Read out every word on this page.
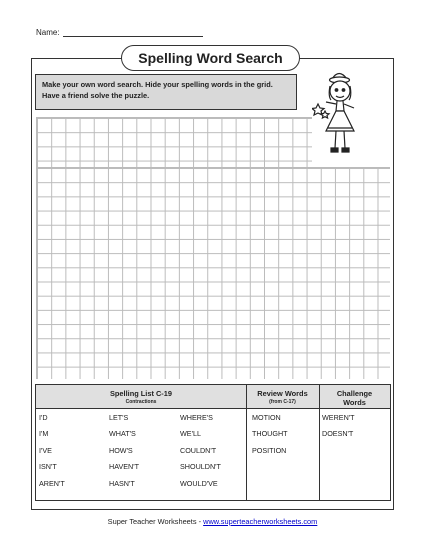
Name:
Spelling Word Search
Make your own word search. Hide your spelling words in the grid. Have a friend solve the puzzle.
Spelling List C-19
Contractions
Review Words
(from C-17)
Challenge
Words
I'D
I'M
I'VE
ISN'T
AREN'T
LET'S
WHAT'S
HOW'S
HAVEN'T
HASN'T
WHERE'S
WE'LL
COULDN'T
SHOULDN'T
WOULD'VE
MOTION
THOUGHT
POSITION
WEREN'T
DOESN'T
Super Teacher Worksheets - www.superteacherworksheets.com
